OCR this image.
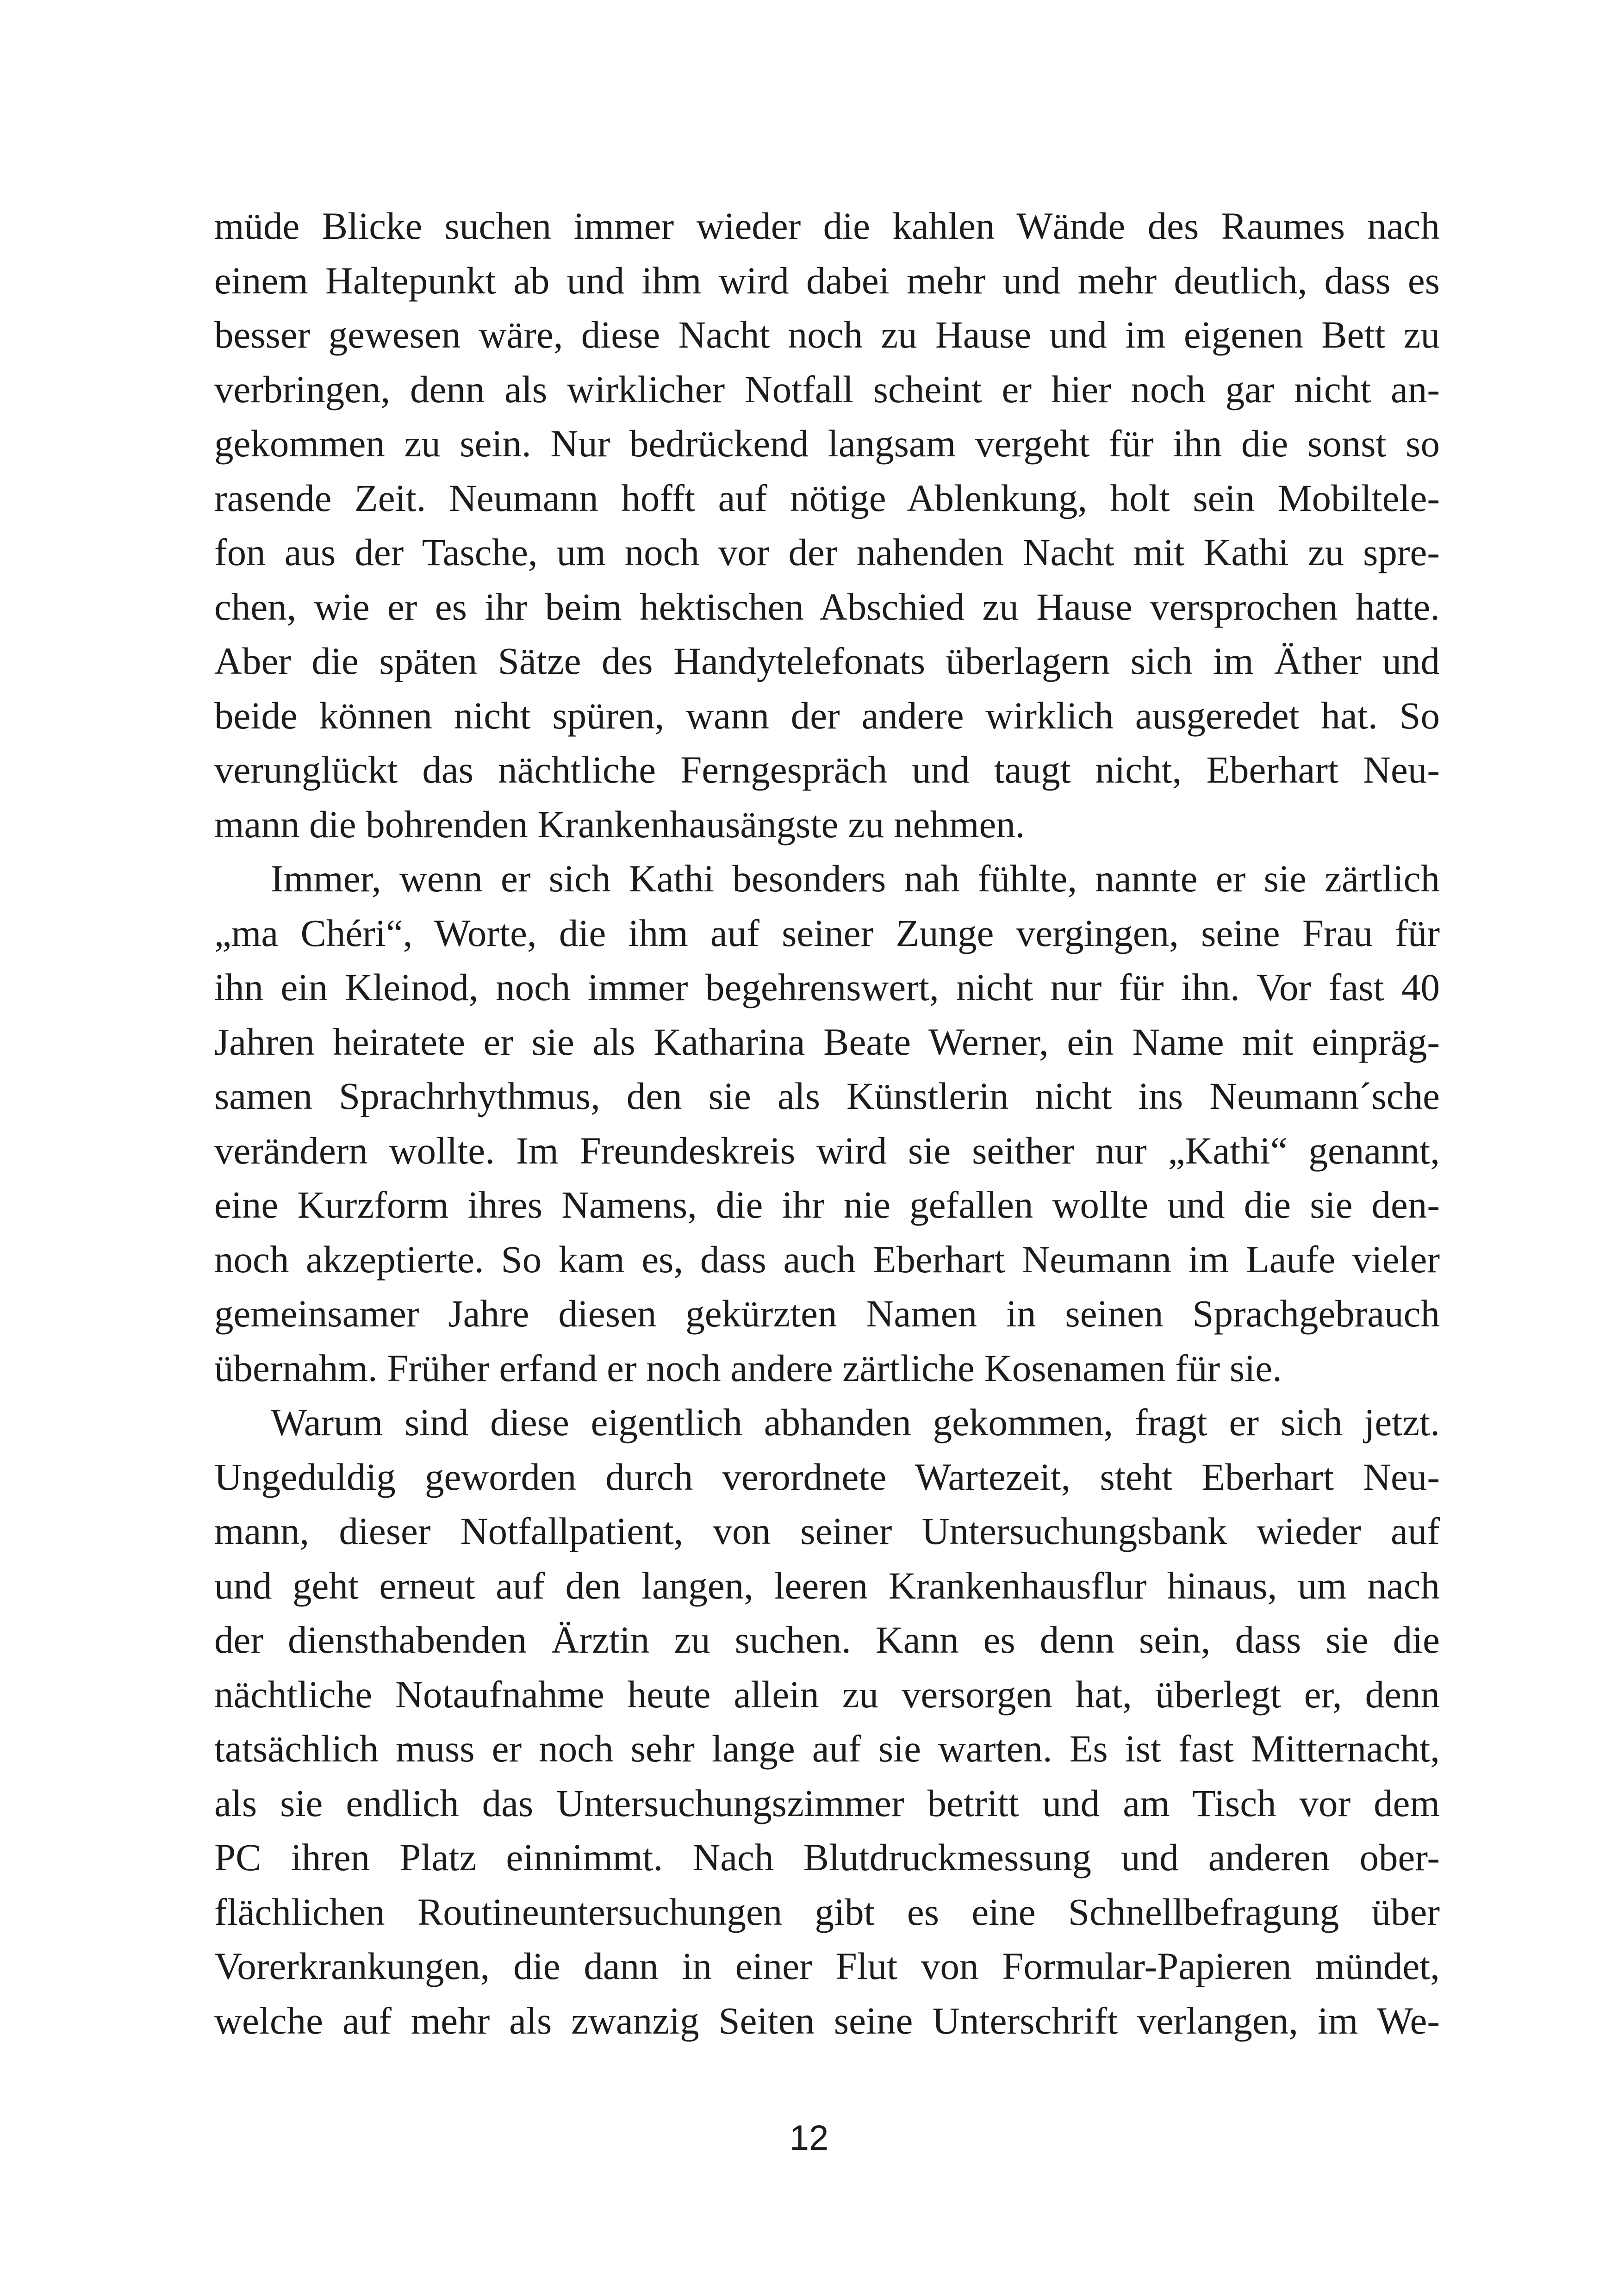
müde Blicke suchen immer wieder die kahlen Wände des Raumes nach
einem Haltepunkt ab und ihm wird dabei mehr und mehr deutlich, dass es
besser gewesen wäre, diese Nacht noch zu Hause und im eigenen Bett zu
verbringen, denn als wirklicher Notfall scheint er hier noch gar nicht an-
gekommen zu sein. Nur bedrückend langsam vergeht für ihn die sonst so
rasende Zeit. Neumann hofft auf nötige Ablenkung, holt sein Mobiltele-
fon aus der Tasche, um noch vor der nahenden Nacht mit Kathi zu spre-
chen, wie er es ihr beim hektischen Abschied zu Hause versprochen hatte.
Aber die späten Sätze des Handytelefonats überlagern sich im Äther und
beide können nicht spüren, wann der andere wirklich ausgeredet hat. So
verunglückt das nächtliche Ferngespräch und taugt nicht, Eberhart Neu-
mann die bohrenden Krankenhausängste zu nehmen.
Immer, wenn er sich Kathi besonders nah fühlte, nannte er sie zärtlich
„ma Chéri“, Worte, die ihm auf seiner Zunge vergingen, seine Frau für
ihn ein Kleinod, noch immer begehrenswert, nicht nur für ihn. Vor fast 40
Jahren heiratete er sie als Katharina Beate Werner, ein Name mit einpräg-
samen Sprachrhythmus, den sie als Künstlerin nicht ins Neumann´sche
verändern wollte. Im Freundeskreis wird sie seither nur „Kathi“ genannt,
eine Kurzform ihres Namens, die ihr nie gefallen wollte und die sie den-
noch akzeptierte. So kam es, dass auch Eberhart Neumann im Laufe vieler
gemeinsamer Jahre diesen gekürzten Namen in seinen Sprachgebrauch
übernahm. Früher erfand er noch andere zärtliche Kosenamen für sie.
Warum sind diese eigentlich abhanden gekommen, fragt er sich jetzt.
Ungeduldig geworden durch verordnete Wartezeit, steht Eberhart Neu-
mann, dieser Notfallpatient, von seiner Untersuchungsbank wieder auf
und geht erneut auf den langen, leeren Krankenhausflur hinaus, um nach
der diensthabenden Ärztin zu suchen. Kann es denn sein, dass sie die
nächtliche Notaufnahme heute allein zu versorgen hat, überlegt er, denn
tatsächlich muss er noch sehr lange auf sie warten. Es ist fast Mitternacht,
als sie endlich das Untersuchungszimmer betritt und am Tisch vor dem
PC ihren Platz einnimmt. Nach Blutdruckmessung und anderen ober-
flächlichen Routineuntersuchungen gibt es eine Schnellbefragung über
Vorerkrankungen, die dann in einer Flut von Formular-Papieren mündet,
welche auf mehr als zwanzig Seiten seine Unterschrift verlangen, im We-
12
